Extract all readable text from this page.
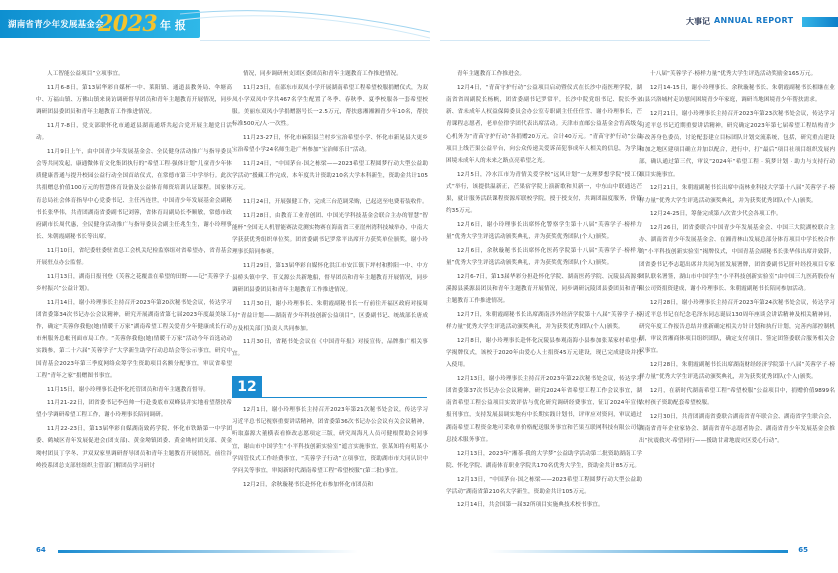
湖南省青少年发展基金会
2023 年 报	大事记 ANNUAL REPORT

人工智能公益项目”立项事宜。

11月6-8日，第13届华彩自媒杯一中、莱阳镇、通道县教务局、伞塘高中、万福山镇、万佛山镇来岗访调研督导团员和青年主题教育开展情况，同步调研团县委团员和青年主题教育工作推进情况。

11月7-8日，党支部联怀化市通道县湖南通塔共起合党开展主题党日活动。

11月9日上午，由中国青少年发展基金会、全民健身活动推广与指导委员会等共同发起，康通微体育文化集团执行的“希望工程·强体计划”儿童青少年体质健康普通与提升校园公益行动全国首站仪式，在常德市第三中学举行。此次共捐赠总价值100万元的智慧体育设备及公益体育师资培训认证课程。国家体育总局社会体育指导中心党委书记、主任冯连世，中国青少年发展基金会副秘书长张华伟，共青团湖南省委副书记刘蓉，省体育局副局长李顺敏，常德市政府副市长周代惠，全民健身活动推广与指导委员会副主任兆生生，谢小玲理事长、朱朝霞副秘书长等出席。

11月10日，省纪委驻委驻省总工会机关纪检监察组对省希望办，省青基会开展驻点办公监督。

11月13日，湖南日报刊登《芙蓉之花覆盖在希望的田野——记“芙蓉学子·乡村振兴”公益计划》。

11月14日，谢小玲理事长主持召开2023年第20次秘书处会议，传达学习团省委第34次书记办公会议精神，研究开展湖南省第七届2023年度最美绿工作，确定“芙蓉你我他(她)情暖千万家”湖南希望工程关爱青少年健康成长行动市州服务总帐刊面市局工作。“芙蓉你我他(她)情暖千万家”活动今年首选动动实践参，第二十六届“芙蓉学子”大学新生助学行动总结会等公示事宜，研究中国青基会2023年第三季度网络众筹学生资助项目名额分配事宜，审议省希望工程“青年之家”捐赠图书事宜。

11月15日，谢小玲理事长赴怀化托管团员和青年主题教育督导。

11月21-22日，团省委书记李邑帅一行赴娄底市双峰县并实地看望帮扶希望小学调研希望工程工作，谢小玲理事长陪同调研。

11月22-23日，第13届华彩自媒湖南致药学院、怀化市铁路第一中学团委、鹤城区青年发展促进会(团支部)、黄金坳镇团委、黄金坳村团支部、黄金坳村团员丁学冬、尹双双家里调研督导团员和青年主题教育开展情况，前往谷岭投系团总支部驻组织主管部门解团员学习研讨

情况，同步调研州支团区委团员和青年主题教育工作推进情况。

11月23日，在邵东市双凤小学开展湖南希望工程希望校服捐赠仪式，为双凤小学双凤中学共467名学生配置了冬季、春秋季、夏季校服各一套希望校服。美丽东双凤小学捐赠器号长一2.5万元，帮扶慈湘湘湘青少年10名，帮扶标准500元/人·一次性。

11月23-27日，怀化市麻阳县兰村乡宝治希望小学、怀化市新晃县大更乡宝治希望小学24名师生赴广州参加“宝治师乐日”活动。

11月24日，“中国茅台·国之栋梁——2023希望工程圆梦行动大型公益助学活动”援藏工作完成，本年度共计资助210名大学本科新生，资助金共计105万元。

11月24日，开展强健工作，完成三台范调采购，已起送至电费着装收件。

11月28日，由教育工业青创团、中国光学科技基金会联合主办的智慧“智能杯”全国无人机智能赛法竞测实物赛在海南省三亚崖州湾科技城举办，中南大学获获优秀组织单位奖。团省委副书记罗常平出席开力获奖单位颁奖，谢小玲理事长陪同参赛。

11月29日，第13届华彩自媒怀化洪江市安江镇下坪村和黔阳一中、中方县桥头镇中学、节义源公共新地船，督导团员和青年主题教育开展情况，同步调研团县委团员和青年主题教育工作推进情况。

11月30日，谢小玲理事长、朱朝霞副秘书长一行前往开福区政府对接周付“青益计划——湖南青少年科技创新公益项目”，区委副书记、统战部长唐成方及相关部门负责人共同参加。

11月30日，省秘书处会议在《中国青年报》对接宣传，品牌推广相关事宜。

12

12月1日，谢小玲理事长主持召开2023年第21次秘书处会议，传达学习习近平总书记视察重要讲话精神，团省委第36次书记办公会议有关会议精神，听取嘉源大董横表看修改志愿项定三版，研究周海凡人员可健根赞助会同事宜，谢山市中国学生“小平科技创新实验室”遮言实施事宜，张某知将有明某小学周管仪式工作经费事宜，“芙蓉学子行动”立项事宜，资助湖市市大同认识中学问关等事宜，审阅新时代湖南希望工程“希望校服”(第二批)事宜。

12月2日，余秋璇秘书长赴怀化市参加怀化市团员和

青年主题教育工作推进会。

12月4日，“青苗守护行动”公益项目启动暨仪式在长沙中南医理学院，湖南省省周副院长杨帆，团省委副书记罗常平，长沙中院党组书记、院长李立新、省未成年人权益保障委员会办公室专职副主任任任雪、谢小玲理事长，芒青课程志愿者，老单位律学团代表出席活动。天津市直邮公益基金会宵高级女心机务为“青苗守护行动”各捐赠20万元，合计40万元。“青苗守护行动”公益项目上线芒果公益平台，向公众传递关爱诉苗犯事成年人相关的信息，为学员困境未成年人的未来之路点亮希望之光。

12月5日，冷水江市为青情关爱学校“远风计划”一友理梦想学院“授工仪式”举行，该提供温新正，芒果宿学院上演新歌和贝新一，中东山中联通达芒果，就计服务活跃课程资源库联校学院，授于授支付，共调团温度服务，价值约35万元。

12月6日，谢小玲理事长出席怀化警察学生第十八届“芙蓉学子·榜样力量”优秀大学生评选活动颁奖典礼，并为获奖优秀团队(个人)颁奖。

12月6日，余秋璇秘书长出席怀化医药学院第十八届“芙蓉学子·榜样力量”优秀大学生评选活动颁奖典礼，并为获奖优秀团队(个人)颁奖。

12月6-7日，第13届华彩分担赴怀化学院、湖南医药学院、沅陵县高源乡溪源县溪源县团员和青年主题教育开展情况，同步调研沅陵团县委团员和青年主题教育工作推进情况。

12月7日，朱朝霞副秘书长出席湖南涉外经济学院第十八届“芙蓉学子·榜样力量”优秀大学生评选活动颁奖典礼，并为获奖优秀团队(个人)颁奖。

12月8日，谢小玲理事长赴怀化沅陵县参观南海小县参加张某家村希望小学揭牌仪式，该校于2020年由爱心人士捐资45万元建设，现已完成建设并投入使用。

12月13日，谢小玲理事长主持召开2023年第22次秘书处会议，传达学习团省委第37次书记办公会议精神，研究2024年省希望工程工作会议事宜，湖南省希望工程公益项目实效评估与优化研究调研经费事宜，征订2024年宣传报刊事宜，支持发展县调实地有中长期实践计划书，评审应对资问，审议通过湖南希望工程资金地可采收单价格配送服务事宜和芒果互联网科技有限公司信息技术服务事宜。

12月13日，2023年“湘茶·我的大学梦”公益助学活动第二批资助湖南工学院、怀化学院、湖南体育职业学院共170名优秀大学生，资助金共计85万元。

12月13日，“中国茅台·国之栋梁——2023希望工程圆梦行动大型公益助学活动”湖南省第210名大学新生，资助金共计105万元。

12月14日，共会国第一届32所项目实施典技术校书事宜。

十八届“芙蓉学子·榜样力量”优秀大学生评选活动奖励金165万元。

12月14-15日，谢小玲理事长、余秋璇秘书长、朱朝霞副秘书长相继在业山县兴洛城村走访慰问困境青少年家庭，调研当地困境青少年帮扶需求。

12月21日，谢小玲理事长主持召开2023年第23次秘书处会议，传达学习习近平总书记近期重要讲话精神，研究确定2023年第七届希望工程结构青少年改善身色委员，讨论配套建立目标团队计划交流系统，包括，研究重点建设和加之地区建项目确立并加以配合，进行中，打“最后”项目社项目组织发展内部，确认通过第三代，审议“2024年“希望工程 · 筑梦计划 · 助力与支持行动项目实施事宜。

12月21日，朱朝霞副秘书长出席中南林业科技大学第十八届“芙蓉学子·榜样力量”优秀大学生评选活动颁奖典礼，并为获奖优秀团队(个人)颁奖。

12月24-25日，筹备完成第八次省少代会各项工作。

12月26日，团省委联合中国青少年发展基金会、中国三大院湖校联合主办、湖南省青少年发展基金会、在湘青林山发展总部分体育项目中学长校合作的“小平科技创新实验室”揭牌仪式，中国青基会副秘书长张华伟出席并致辞，团省委书记李志超出席并共同为匿发展署牌，团省委副书记肝叶经投项目专家团队联名署签，湖山市中国学生“小平科技创新实验室”由中国三九医药股份有限公司资捐资建成，谢小玲理事长、朱朝霞副秘书长陪同参加活动。

12月28日，谢小玲理事长主持召开2023年第24次秘书处会议，传达学习习近平总书记在纪念毛泽东同志诞辰130周年座谈会讲话精神及相关精神同，研究年度工作报告总结并重新确定相关方针计划和执行计划，完善内部控制机制，审议省湘商体项目组织团队，确定支付项目、签定团签委联合服务相关会议事宜。

12月28日，朱朝霞副秘书长出席湖南财经经济学院第十八届“芙蓉学子·榜样力量”优秀大学生评选活动颁奖典礼，并为获奖优秀团队(个人)颁奖。

12月，在新时代湖南希望工程“希望校服”公益项目中，捐赠价值9899名农村孩子资助配套希望校服。

12月30日，共青团湖南省委联合湖南省青年联合会、湖南省学生联合会、湖南省青年企业家协会、湖南省青年志愿者协会、湖南省青少年发展基金会推出“抗震救灾·希望同行——援助甘肃地震灾区爱心行动”。

64	65
